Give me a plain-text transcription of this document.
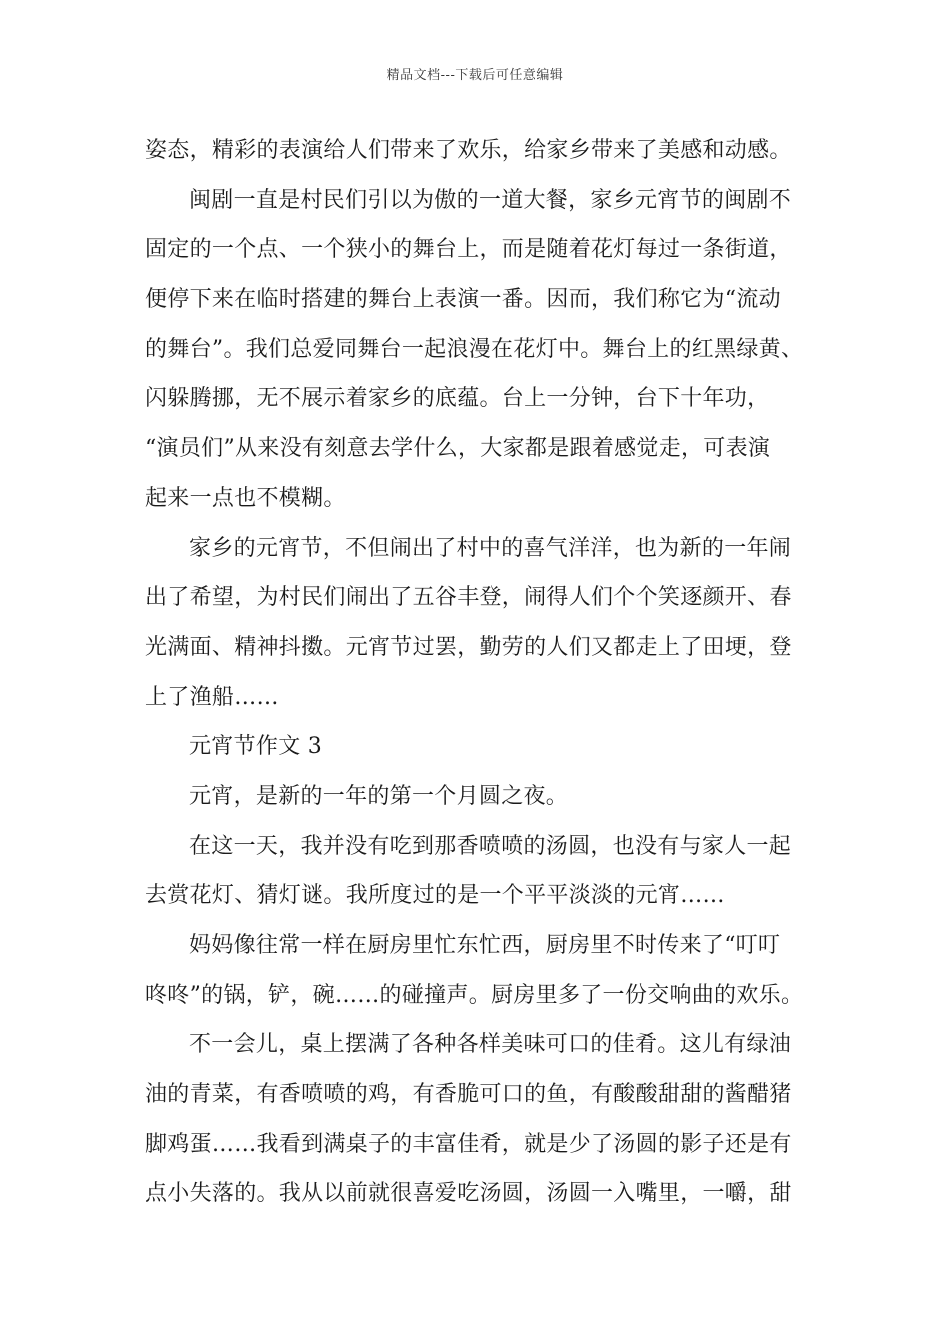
精品文档---下载后可任意编辑
姿态，精彩的表演给人们带来了欢乐，给家乡带来了美感和动感。
闽剧一直是村民们引以为傲的一道大餐，家乡元宵节的闽剧不
固定的一个点、一个狭小的舞台上，而是随着花灯每过一条街道，
便停下来在临时搭建的舞台上表演一番。因而，我们称它为“流动
的舞台”。我们总爱同舞台一起浪漫在花灯中。舞台上的红黑绿黄、
闪躲腾挪，无不展示着家乡的底蕴。台上一分钟，台下十年功，
“演员们”从来没有刻意去学什么，大家都是跟着感觉走，可表演
起来一点也不模糊。
家乡的元宵节，不但闹出了村中的喜气洋洋，也为新的一年闹
出了希望，为村民们闹出了五谷丰登，闹得人们个个笑逐颜开、春
光满面、精神抖擞。元宵节过罢，勤劳的人们又都走上了田埂，登
上了渔船……
元宵节作文 3
元宵，是新的一年的第一个月圆之夜。
在这一天，我并没有吃到那香喷喷的汤圆，也没有与家人一起
去赏花灯、猜灯谜。我所度过的是一个平平淡淡的元宵……
妈妈像往常一样在厨房里忙东忙西，厨房里不时传来了“叮叮
咚咚”的锅，铲，碗……的碰撞声。厨房里多了一份交响曲的欢乐。
不一会儿，桌上摆满了各种各样美味可口的佳肴。这儿有绿油
油的青菜，有香喷喷的鸡，有香脆可口的鱼，有酸酸甜甜的酱醋猪
脚鸡蛋……我看到满桌子的丰富佳肴，就是少了汤圆的影子还是有
点小失落的。我从以前就很喜爱吃汤圆，汤圆一入嘴里，一嚼，甜
